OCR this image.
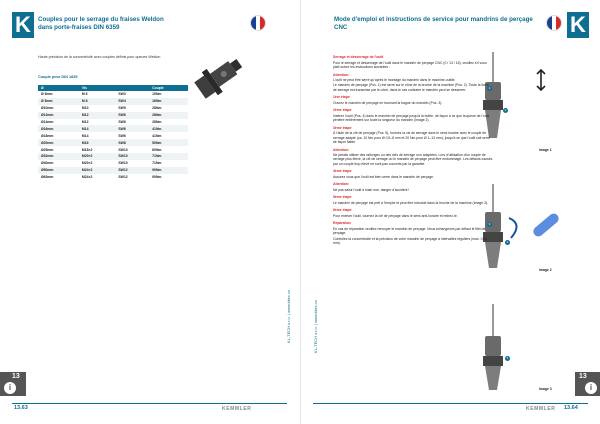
K	Couples pour le serrage du fraises Weldon
dans porte-fraises DIN 6359
Haute précision de la concentricité avec couples définis pour queues Weldon
Couple pour DIN 1835
Ø	Vis		Couple
Ø 6mm	M 6	SW3	10Nm
Ø 8mm	M 8	SW4	16Nm
Ø10mm	M10	SW5	28Nm
Ø12mm	M12	SW6	28Nm
Ø14mm	M12	SW6	28Nm
Ø16mm	M14	SW6	41Nm
Ø18mm	M14	SW6	41Nm
Ø20mm	M16	SW8	50Nm
Ø25mm	M18×2	SW10	60Nm
Ø32mm	M20×2	SW10	71Nm
Ø40mm	M20×2	SW10	71Nm
Ø50mm	M24×2	SW12	90Nm
Ø63mm	M24×2	SW12	90Nm
KL-TECH s.r.o. | www.kltec.cz
13
i
13.63	KEMMLER
K
Mode d'emploi et instructions de service pour mandrins de perçage CNC
KL-TECH s.r.o. | www.kltec.cz
1
2
Image 1
3
4
Image 2
5
Image 3
13
i
KEMMLER 13.64
Serrage et desserrage de l'outil

Pour le serrage et desserrage de l'outil dans le mandrin de perçage CNC (0 / 13 / 16), veuillez s'il vous plaît suivre les instructions suivantes :

Attention:

L'outil ne peut être serré qu'après le montage du mandrin dans le machine-outille.

Le mandrin de perçage (Pos. 1) est serré sur le cône de la broche de la machine (Pos. 2). Toute la force de serrage est transmise par le cône, dans le cas contraire le mandrin peut se desserrer.

1ère étape

Ouvrez le mandrin de perçage en tournant la bague du mandrin (Pos. 3).

2ème étape

Insérez l'outil (Pos. 4) dans le mandrin de perçage jusqu'à la butée, de façon à ce que la queue de l'outil pénètre entièrement sur toute la longueur du mandrin (Image 2).

3ème étape

À l'aide de la clé de perçage (Pos. 5), tournez la vis de serrage dans le sens horaire avec le couple de serrage adapté (ca. 10 Nm pour Ø 0,5–8 mm et 20 Nm pour Ø 1–13 mm), jusqu'à ce que l'outil soit serré de façon fiable.

Attention:

Ne jamais utiliser des rallonges ou des clés de serrage non adaptées. Lors d'utilisation d'un couple de serrage plus élevé, la clé de serrage ou le mandrin de perçage peut être endommagé. Les défauts causés par un couple trop élevé ne sont pas couverts par la garantie.

4ème étape

Assurez vous que l'outil est bien serré dans le mandrin de perçage.

Attention:

Ne pas saisir l'outil à main nue, danger d'accident !

5ème étape

Le mandrin de perçage est prêt à l'emploi et peut être introduit dans la broche de la machine (Image 3).

6ème étape

Pour enlever l'outil, tournez la clé de perçage dans le sens anti-horaire et retirez-le.

Réparation

En cas de réparation veuillez renvoyer le mandrin de perçage. Nous échangeons par défaut le filet de perçage.

Contrôlez la concentricité et la précision de votre mandrin de perçage à intervalles réguliers (max. 0,02 mm).
